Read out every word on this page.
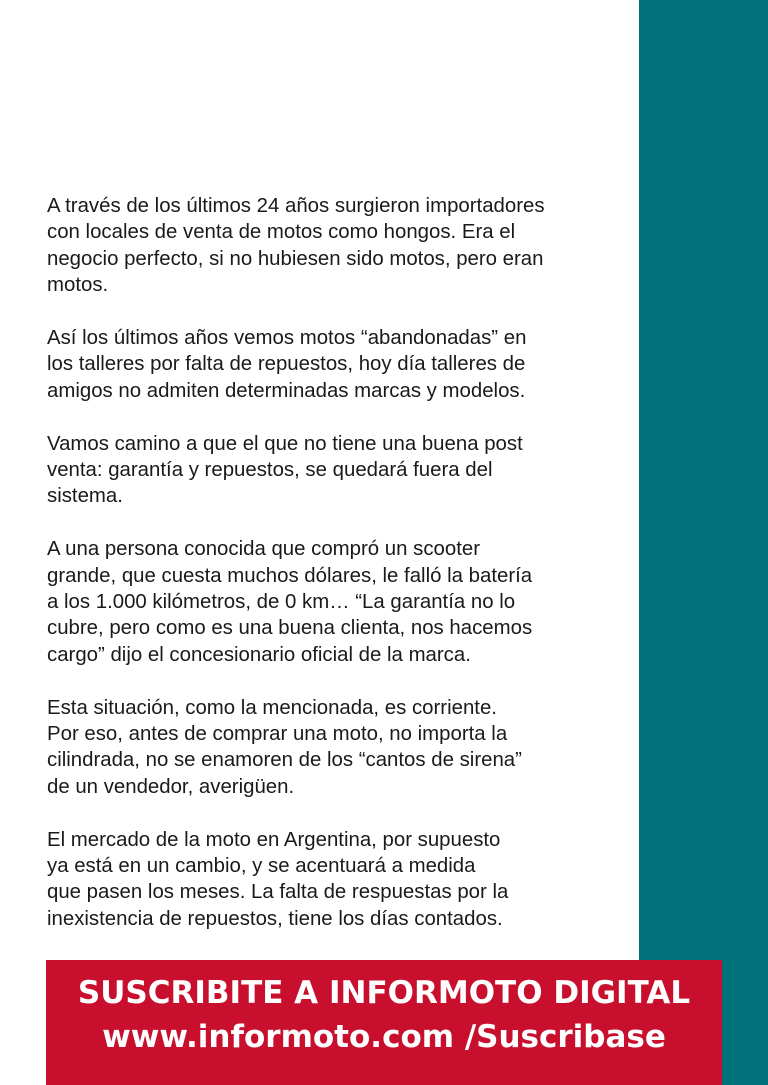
A través de los últimos 24 años surgieron importadores
con locales de venta de motos como hongos. Era el
negocio perfecto, si no hubiesen sido motos, pero eran
motos.

Así los últimos años vemos motos “abandonadas” en
los talleres por falta de repuestos, hoy día talleres de
amigos no admiten determinadas marcas y modelos.

Vamos camino a que el que no tiene una buena post
venta: garantía y repuestos, se quedará fuera del
sistema.

A una persona conocida que compró un scooter
grande, que cuesta muchos dólares, le falló la batería
a los 1.000 kilómetros, de 0 km… “La garantía no lo
cubre, pero como es una buena clienta, nos hacemos
cargo” dijo el concesionario oficial de la marca.

Esta situación, como la mencionada, es corriente.
Por eso, antes de comprar una moto, no importa la
cilindrada, no se enamoren de los “cantos de sirena”
de un vendedor, averigüen.

El mercado de la moto en Argentina, por supuesto
ya está en un cambio, y se acentuará a medida
que pasen los meses. La falta de respuestas por la
inexistencia de repuestos, tiene los días contados.

SUSCRIBITE A INFORMOTO DIGITAL
www.informoto.com /Suscribase
